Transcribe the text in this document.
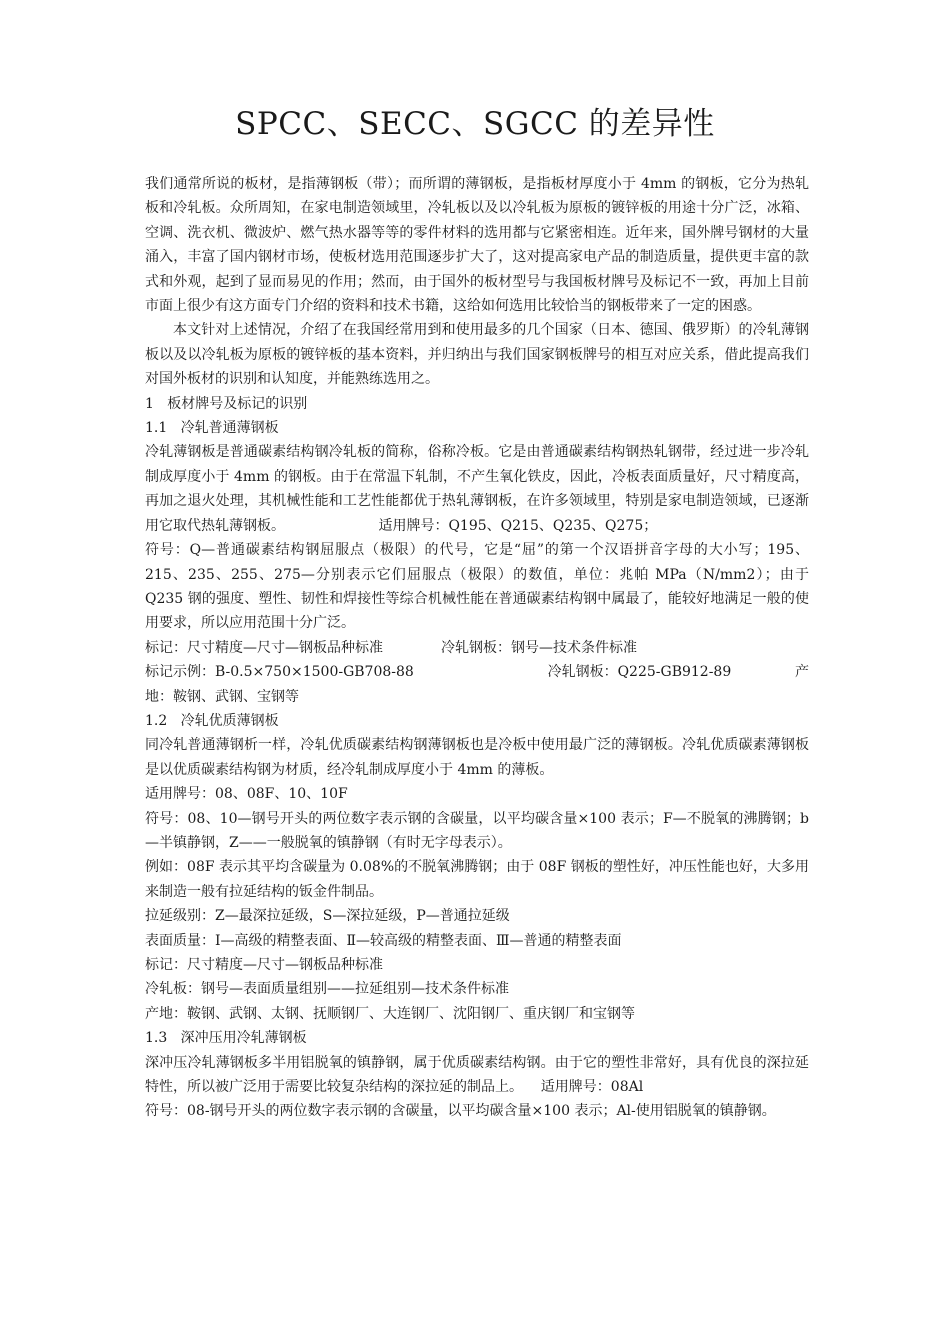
SPCC、SECC、SGCC 的差异性

我们通常所说的板材，是指薄钢板（带）；而所谓的薄钢板，是指板材厚度小于 4mm 的钢板，它分为热轧板和冷轧板。众所周知，在家电制造领域里，冷轧板以及以冷轧板为原板的镀锌板的用途十分广泛，冰箱、空调、洗衣机、微波炉、燃气热水器等等的零件材料的选用都与它紧密相连。近年来，国外牌号钢材的大量涌入，丰富了国内钢材市场，使板材选用范围逐步扩大了，这对提高家电产品的制造质量，提供更丰富的款式和外观，起到了显而易见的作用；然而，由于国外的板材型号与我国板材牌号及标记不一致，再加上目前市面上很少有这方面专门介绍的资料和技术书籍，这给如何选用比较恰当的钢板带来了一定的困惑。

本文针对上述情况，介绍了在我国经常用到和使用最多的几个国家（日本、德国、俄罗斯）的冷轧薄钢板以及以冷轧板为原板的镀锌板的基本资料，并归纳出与我们国家钢板牌号的相互对应关系，借此提高我们对国外板材的识别和认知度，并能熟练选用之。

1   板材牌号及标记的识别

1.1   冷轧普通薄钢板

冷轧薄钢板是普通碳素结构钢冷轧板的简称，俗称冷板。它是由普通碳素结构钢热轧钢带，经过进一步冷轧制成厚度小于 4mm 的钢板。由于在常温下轧制，不产生氧化铁皮，因此，冷板表面质量好，尺寸精度高，再加之退火处理，其机械性能和工艺性能都优于热轧薄钢板，在许多领域里，特别是家电制造领域，已逐渐用它取代热轧薄钢板。                     适用牌号：Q195、Q215、Q235、Q275；

符号：Q—普通碳素结构钢屈服点（极限）的代号，它是“屈”的第一个汉语拼音字母的大小写；195、215、235、255、275—分别表示它们屈服点（极限）的数值，单位：兆帕 MPa（N/mm2）；由于 Q235 钢的强度、塑性、韧性和焊接性等综合机械性能在普通碳素结构钢中属最了，能较好地满足一般的使用要求，所以应用范围十分广泛。

标记：尺寸精度—尺寸—钢板品种标准	冷轧钢板：钢号—技术条件标准

标记示例：B-0.5×750×1500-GB708-88	冷轧钢板：Q225-GB912-89	产

地：鞍钢、武钢、宝钢等

1.2   冷轧优质薄钢板

同冷轧普通薄钢析一样，冷轧优质碳素结构钢薄钢板也是冷板中使用最广泛的薄钢板。冷轧优质碳素薄钢板是以优质碳素结构钢为材质，经冷轧制成厚度小于 4mm 的薄板。

适用牌号：08、08F、10、10F

符号：08、10—钢号开头的两位数字表示钢的含碳量，以平均碳含量×100 表示；F—不脱氧的沸腾钢；b—半镇静钢，Z——一般脱氧的镇静钢（有时无字母表示）。

例如：08F 表示其平均含碳量为 0.08%的不脱氧沸腾钢；由于 08F 钢板的塑性好，冲压性能也好，大多用来制造一般有拉延结构的钣金件制品。

拉延级别：Z—最深拉延级，S—深拉延级，P—普通拉延级

表面质量：Ⅰ—高级的精整表面、Ⅱ—较高级的精整表面、Ⅲ—普通的精整表面

标记：尺寸精度—尺寸—钢板品种标准

冷轧板：钢号—表面质量组别——拉延组别—技术条件标准

产地：鞍钢、武钢、太钢、抚顺钢厂、大连钢厂、沈阳钢厂、重庆钢厂和宝钢等

1.3   深冲压用冷轧薄钢板

深冲压冷轧薄钢板多半用铝脱氧的镇静钢，属于优质碳素结构钢。由于它的塑性非常好，具有优良的深拉延特性，所以被广泛用于需要比较复杂结构的深拉延的制品上。    适用牌号：08Al

符号：08-钢号开头的两位数字表示钢的含碳量，以平均碳含量×100 表示；Al-使用铝脱氧的镇静钢。
